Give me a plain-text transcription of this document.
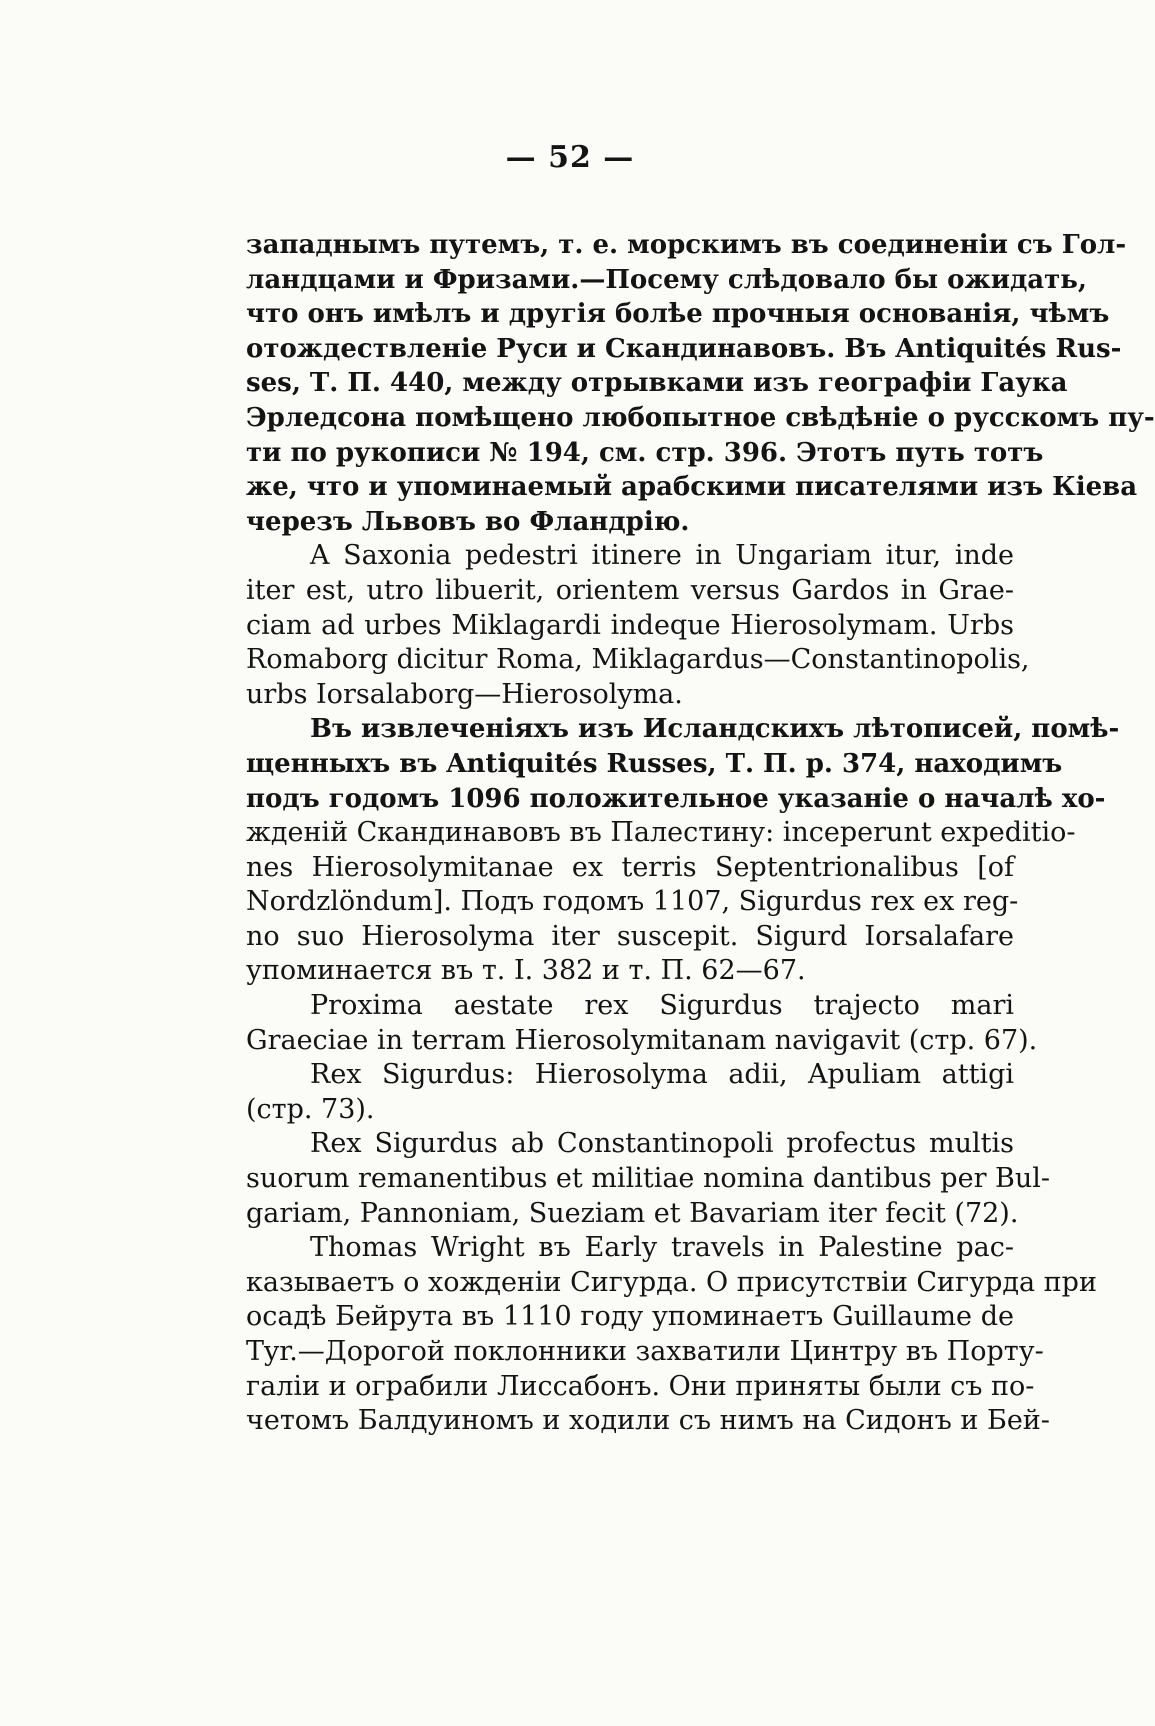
— 52 —
западнымъ путемъ, т. е. морскимъ въ соединеніи съ Гол-
ландцами и Фризами.—Посему слѣдовало бы ожидать,
что онъ имѣлъ и другія болѣе прочныя основанія, чѣмъ
отождествленіе Руси и Скандинавовъ. Въ Antiquités Rus-
ses, Т. П. 440, между отрывками изъ географіи Гаука
Эрлeдсона помѣщено любопытное свѣдѣніе о русскомъ пу-
ти по рукописи № 194, см. стр. 396. Этотъ путь тотъ
же, что и упоминаемый арабскими писателями изъ Кіева
черезъ Львовъ во Фландрію.
A Saxonia pedestri itinere in Ungariam itur, inde
iter est, utro libuerit, orientem versus Gardos in Grae-
ciam ad urbes Miklagardi indeque Hierosolymam. Urbs
Romaborg dicitur Roma, Miklagardus—Constantinopolis,
urbs Iorsalaborg—Hierosolyma.
Въ извлеченіяхъ изъ Исландскихъ лѣтописей, помѣ-
щенныхъ въ Antiquités Russes, Т. П. р. 374, находимъ
подъ годомъ 1096 положительное указаніе о началѣ хо-
жденій Скандинавовъ въ Палестину: inceperunt expeditio-
nes Hierosolymitanae ex terris Septentrionalibus [of
Nordzlöndum]. Подъ годомъ 1107, Sigurdus rex ex reg-
no suo Hierosolyma iter suscepit. Sigurd Iorsalafare
упоминается въ т. I. 382 и т. П. 62—67.
Proxima aestate rex Sigurdus trajecto mari
Graeciae in terram Hierosolymitanam navigavit (стр. 67).
Rex Sigurdus: Hierosolyma adii, Apuliam attigi
(стр. 73).
Rex Sigurdus ab Constantinopoli profectus multis
suorum remanentibus et militiae nomina dantibus per Bul-
gariam, Pannoniam, Sueziam et Bavariam iter fecit (72).
Thomas Wright въ Early travels in Palestine рас-
казываетъ о хожденіи Сигурда. О присутствіи Сигурда при
осадѣ Бейрута въ 1110 году упоминаетъ Guillaume de
Tyr.—Дорогой поклонники захватили Цинтру въ Порту-
галіи и ограбили Лиссабонъ. Они приняты были съ по-
четомъ Балдуиномъ и ходили съ нимъ на Сидонъ и Бей-
